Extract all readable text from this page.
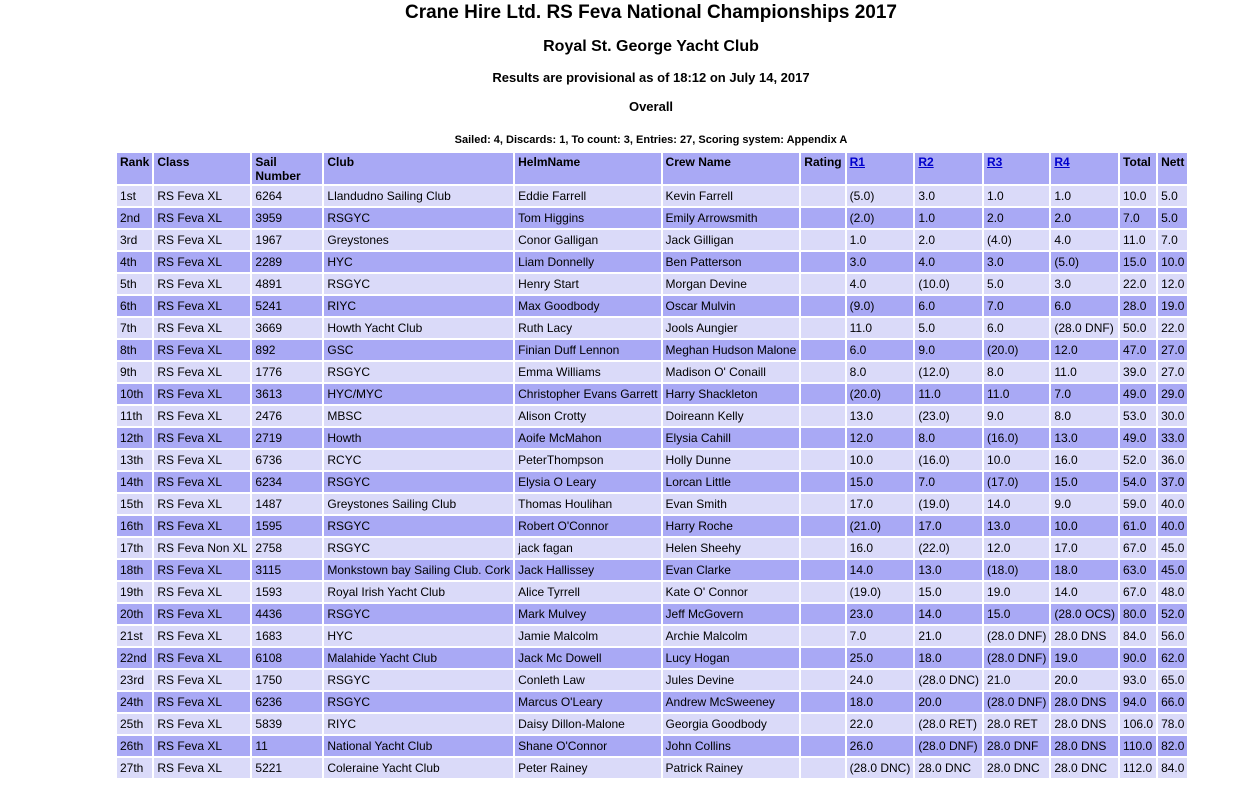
Crane Hire Ltd. RS Feva National Championships 2017
Royal St. George Yacht Club
Results are provisional as of 18:12 on July 14, 2017
Overall
Sailed: 4, Discards: 1, To count: 3, Entries: 27, Scoring system: Appendix A
Rank	Class	Sail Number	Club	HelmName	Crew Name	Rating	R1	R2	R3	R4	Total	Nett
1st	RS Feva XL	6264	Llandudno Sailing Club	Eddie Farrell	Kevin Farrell		(5.0)	3.0	1.0	1.0	10.0	5.0
2nd	RS Feva XL	3959	RSGYC	Tom Higgins	Emily Arrowsmith		(2.0)	1.0	2.0	2.0	7.0	5.0
3rd	RS Feva XL	1967	Greystones	Conor Galligan	Jack Gilligan		1.0	2.0	(4.0)	4.0	11.0	7.0
4th	RS Feva XL	2289	HYC	Liam Donnelly	Ben Patterson		3.0	4.0	3.0	(5.0)	15.0	10.0
5th	RS Feva XL	4891	RSGYC	Henry Start	Morgan Devine		4.0	(10.0)	5.0	3.0	22.0	12.0
6th	RS Feva XL	5241	RIYC	Max Goodbody	Oscar Mulvin		(9.0)	6.0	7.0	6.0	28.0	19.0
7th	RS Feva XL	3669	Howth Yacht Club	Ruth Lacy	Jools Aungier		11.0	5.0	6.0	(28.0 DNF)	50.0	22.0
8th	RS Feva XL	892	GSC	Finian Duff Lennon	Meghan Hudson Malone		6.0	9.0	(20.0)	12.0	47.0	27.0
9th	RS Feva XL	1776	RSGYC	Emma Williams	Madison O' Conaill		8.0	(12.0)	8.0	11.0	39.0	27.0
10th	RS Feva XL	3613	HYC/MYC	Christopher Evans Garrett	Harry Shackleton		(20.0)	11.0	11.0	7.0	49.0	29.0
11th	RS Feva XL	2476	MBSC	Alison Crotty	Doireann Kelly		13.0	(23.0)	9.0	8.0	53.0	30.0
12th	RS Feva XL	2719	Howth	Aoife McMahon	Elysia Cahill		12.0	8.0	(16.0)	13.0	49.0	33.0
13th	RS Feva XL	6736	RCYC	PeterThompson	Holly Dunne		10.0	(16.0)	10.0	16.0	52.0	36.0
14th	RS Feva XL	6234	RSGYC	Elysia O Leary	Lorcan Little		15.0	7.0	(17.0)	15.0	54.0	37.0
15th	RS Feva XL	1487	Greystones Sailing Club	Thomas Houlihan	Evan Smith		17.0	(19.0)	14.0	9.0	59.0	40.0
16th	RS Feva XL	1595	RSGYC	Robert O'Connor	Harry Roche		(21.0)	17.0	13.0	10.0	61.0	40.0
17th	RS Feva Non XL	2758	RSGYC	jack fagan	Helen Sheehy		16.0	(22.0)	12.0	17.0	67.0	45.0
18th	RS Feva XL	3115	Monkstown bay Sailing Club. Cork	Jack Hallissey	Evan Clarke		14.0	13.0	(18.0)	18.0	63.0	45.0
19th	RS Feva XL	1593	Royal Irish Yacht Club	Alice Tyrrell	Kate O' Connor		(19.0)	15.0	19.0	14.0	67.0	48.0
20th	RS Feva XL	4436	RSGYC	Mark Mulvey	Jeff McGovern		23.0	14.0	15.0	(28.0 OCS)	80.0	52.0
21st	RS Feva XL	1683	HYC	Jamie Malcolm	Archie Malcolm		7.0	21.0	(28.0 DNF)	28.0 DNS	84.0	56.0
22nd	RS Feva XL	6108	Malahide Yacht Club	Jack Mc Dowell	Lucy Hogan		25.0	18.0	(28.0 DNF)	19.0	90.0	62.0
23rd	RS Feva XL	1750	RSGYC	Conleth Law	Jules Devine		24.0	(28.0 DNC)	21.0	20.0	93.0	65.0
24th	RS Feva XL	6236	RSGYC	Marcus O'Leary	Andrew McSweeney		18.0	20.0	(28.0 DNF)	28.0 DNS	94.0	66.0
25th	RS Feva XL	5839	RIYC	Daisy Dillon-Malone	Georgia Goodbody		22.0	(28.0 RET)	28.0 RET	28.0 DNS	106.0	78.0
26th	RS Feva XL	11	National Yacht Club	Shane O'Connor	John Collins		26.0	(28.0 DNF)	28.0 DNF	28.0 DNS	110.0	82.0
27th	RS Feva XL	5221	Coleraine Yacht Club	Peter Rainey	Patrick Rainey		(28.0 DNC)	28.0 DNC	28.0 DNC	28.0 DNC	112.0	84.0
